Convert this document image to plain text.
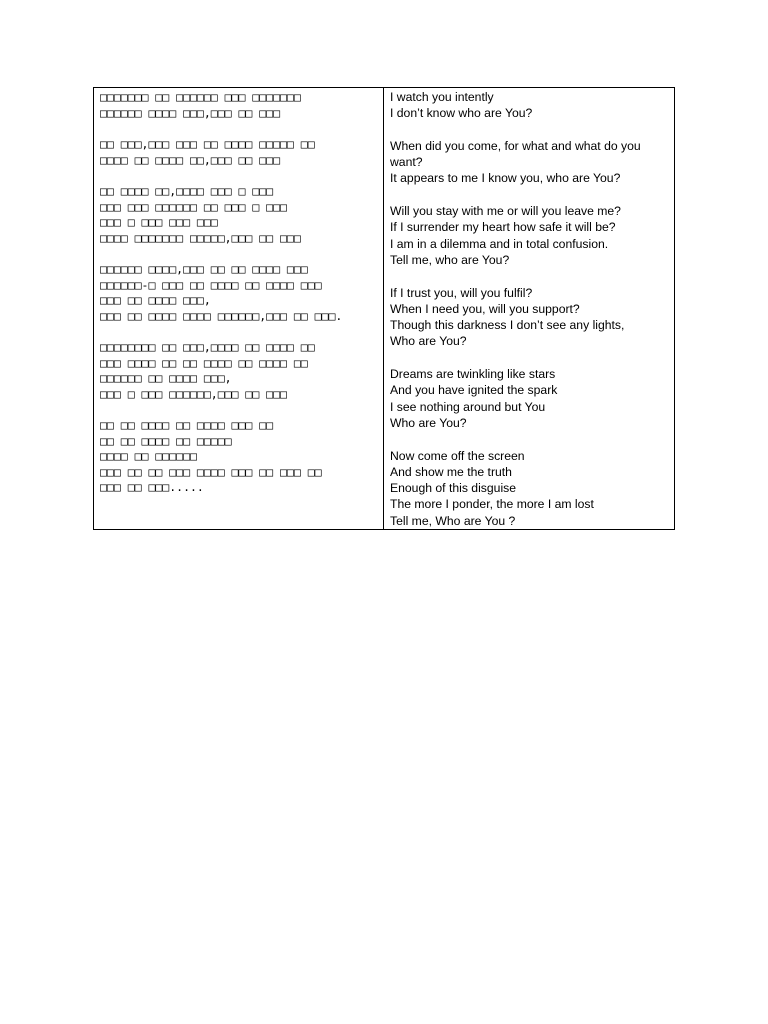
□□□□□□□ □□ □□□□□□ □□□ □□□□□□□
□□□□□□ □□□□ □□□,□□□ □□ □□□
□□ □□□,□□□ □□□ □□ □□□□ □□□□□ □□
□□□□ □□ □□□□ □□,□□□ □□ □□□
□□ □□□□ □□,□□□□ □□□ □ □□□
□□□ □□□ □□□□□□ □□ □□□ □ □□□
□□□ □ □□□ □□□ □□□
□□□□ □□□□□□□ □□□□□,□□□ □□ □□□
□□□□□□ □□□□,□□□ □□ □□ □□□□ □□□
□□□□□□-□ □□□ □□ □□□□ □□ □□□□ □□□
□□□ □□ □□□□ □□□,
□□□ □□ □□□□ □□□□ □□□□□□,□□□ □□ □□□.
□□□□□□□□ □□ □□□,□□□□ □□ □□□□ □□
□□□ □□□□ □□ □□ □□□□ □□ □□□□ □□
□□□□□□ □□ □□□□ □□□,
□□□ □ □□□ □□□□□□,□□□ □□ □□□
□□ □□ □□□□ □□ □□□□ □□□ □□
□□ □□ □□□□ □□ □□□□□
□□□□ □□ □□□□□□
□□□ □□ □□ □□□ □□□□ □□□ □□ □□□ □□
□□□ □□ □□□.....
I watch you intently
I don’t know who are You?
When did you come, for what and what do you
want?
It appears to me I know you, who are You?
Will you stay with me or will you leave me?
If I surrender my heart how safe it will be?
I am in a dilemma and in total confusion.
Tell me, who are You?
If I trust you, will you fulfil?
When I need you, will you support?
Though this darkness I don’t see any lights,
Who are You?
Dreams are twinkling like stars
And you have ignited the spark
I see nothing around but You
Who are You?
Now come off the screen
And show me the truth
Enough of this disguise
The more I ponder, the more I am lost
Tell me, Who are You ?
